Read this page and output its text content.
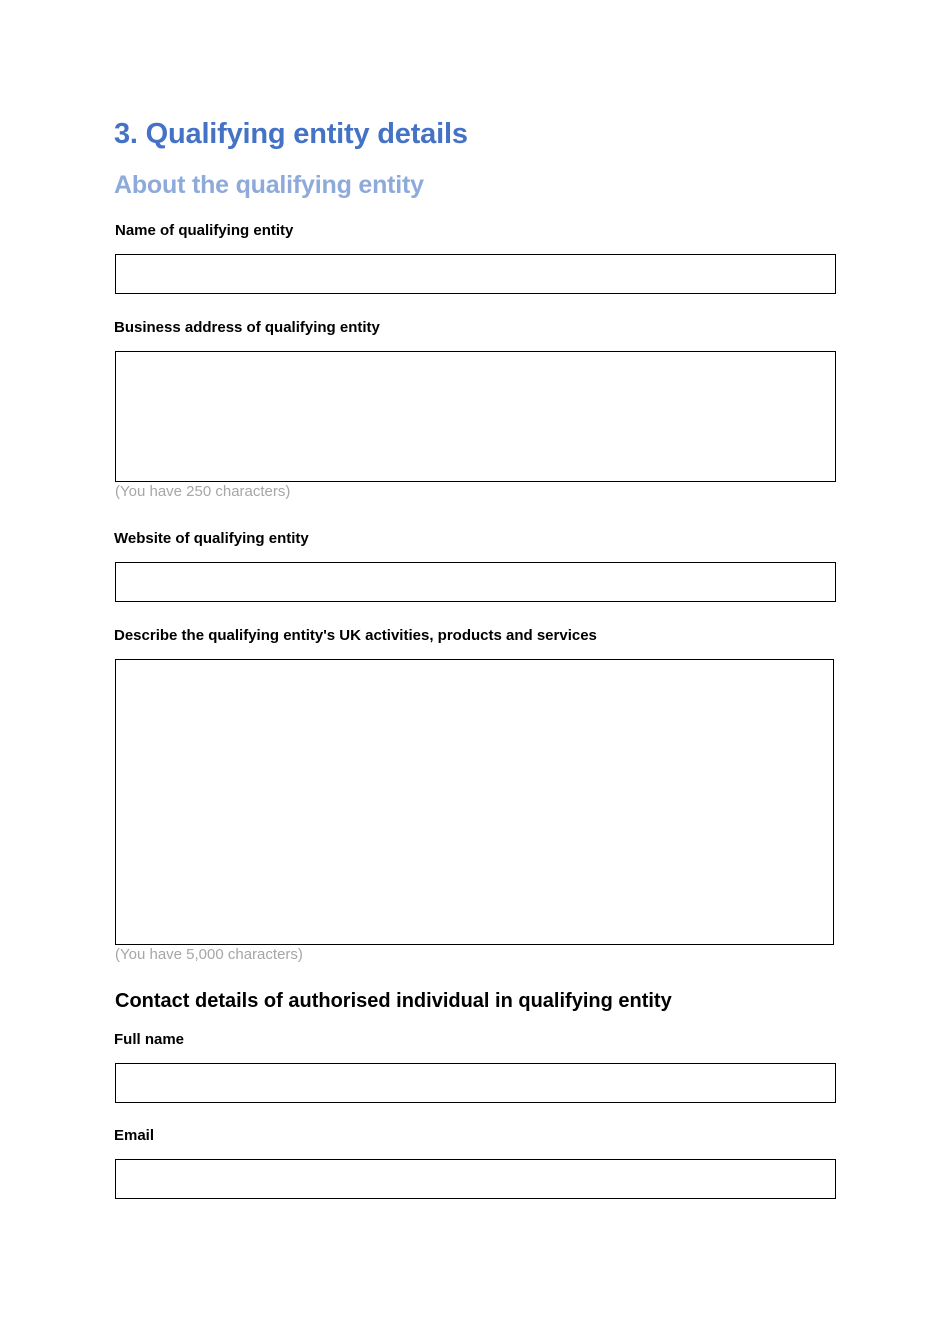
3. Qualifying entity details
About the qualifying entity
Name of qualifying entity
Business address of qualifying entity
(You have 250 characters)
Website of qualifying entity
Describe the qualifying entity's UK activities, products and services
(You have 5,000 characters)
Contact details of authorised individual in qualifying entity
Full name
Email
